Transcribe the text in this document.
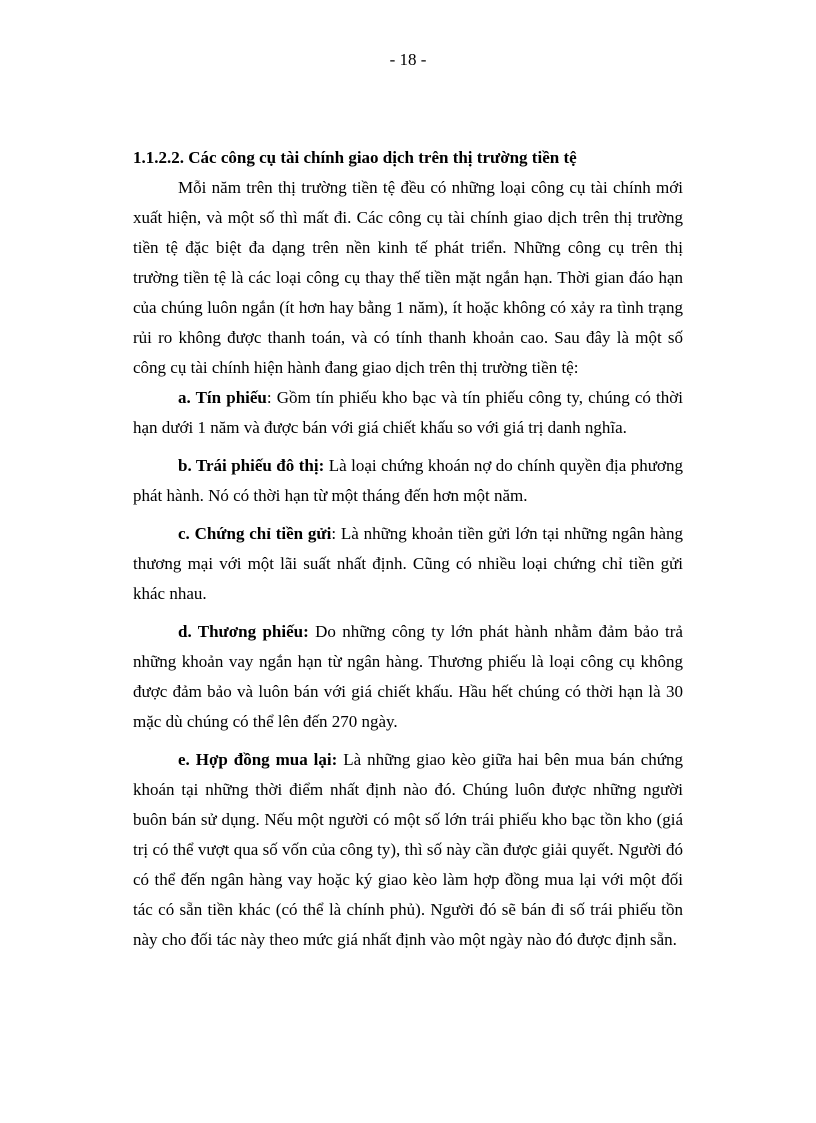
- 18 -

1.1.2.2. Các công cụ tài chính giao dịch trên thị trường tiền tệ

Mỗi năm trên thị trường tiền tệ đều có những loại công cụ tài chính mới xuất hiện, và một số thì mất đi. Các công cụ tài chính giao dịch trên thị trường tiền tệ đặc biệt đa dạng trên nền kinh tế phát triển. Những công cụ trên thị trường tiền tệ là các loại công cụ thay thế tiền mặt ngắn hạn. Thời gian đáo hạn của chúng luôn ngắn (ít hơn hay bằng 1 năm), ít hoặc không có xảy ra tình trạng rủi ro không được thanh toán, và có tính thanh khoản cao. Sau đây là một số công cụ tài chính hiện hành đang giao dịch trên thị trường tiền tệ:

a. Tín phiếu: Gồm tín phiếu kho bạc và tín phiếu công ty, chúng có thời hạn dưới 1 năm và được bán với giá chiết khấu so với giá trị danh nghĩa.

b. Trái phiếu đô thị: Là loại chứng khoán nợ do chính quyền địa phương phát hành. Nó có thời hạn từ một tháng đến hơn một năm.

c. Chứng chỉ tiền gửi: Là những khoản tiền gửi lớn tại những ngân hàng thương mại với một lãi suất nhất định. Cũng có nhiều loại chứng chỉ tiền gửi khác nhau.

d. Thương phiếu: Do những công ty lớn phát hành nhằm đảm bảo trả những khoản vay ngắn hạn từ ngân hàng. Thương phiếu là loại công cụ không được đảm bảo và luôn bán với giá chiết khấu. Hầu hết chúng có thời hạn là 30 mặc dù chúng có thể lên đến 270 ngày.

e. Hợp đồng mua lại: Là những giao kèo giữa hai bên mua bán chứng khoán tại những thời điểm nhất định nào đó. Chúng luôn được những người buôn bán sử dụng. Nếu một người có một số lớn trái phiếu kho bạc tồn kho (giá trị có thể vượt qua số vốn của công ty), thì số này cần được giải quyết. Người đó có thể đến ngân hàng vay hoặc ký giao kèo làm hợp đồng mua lại với một đối tác có sẵn tiền khác (có thể là chính phủ). Người đó sẽ bán đi số trái phiếu tồn này cho đối tác này theo mức giá nhất định vào một ngày nào đó được định sẵn.
